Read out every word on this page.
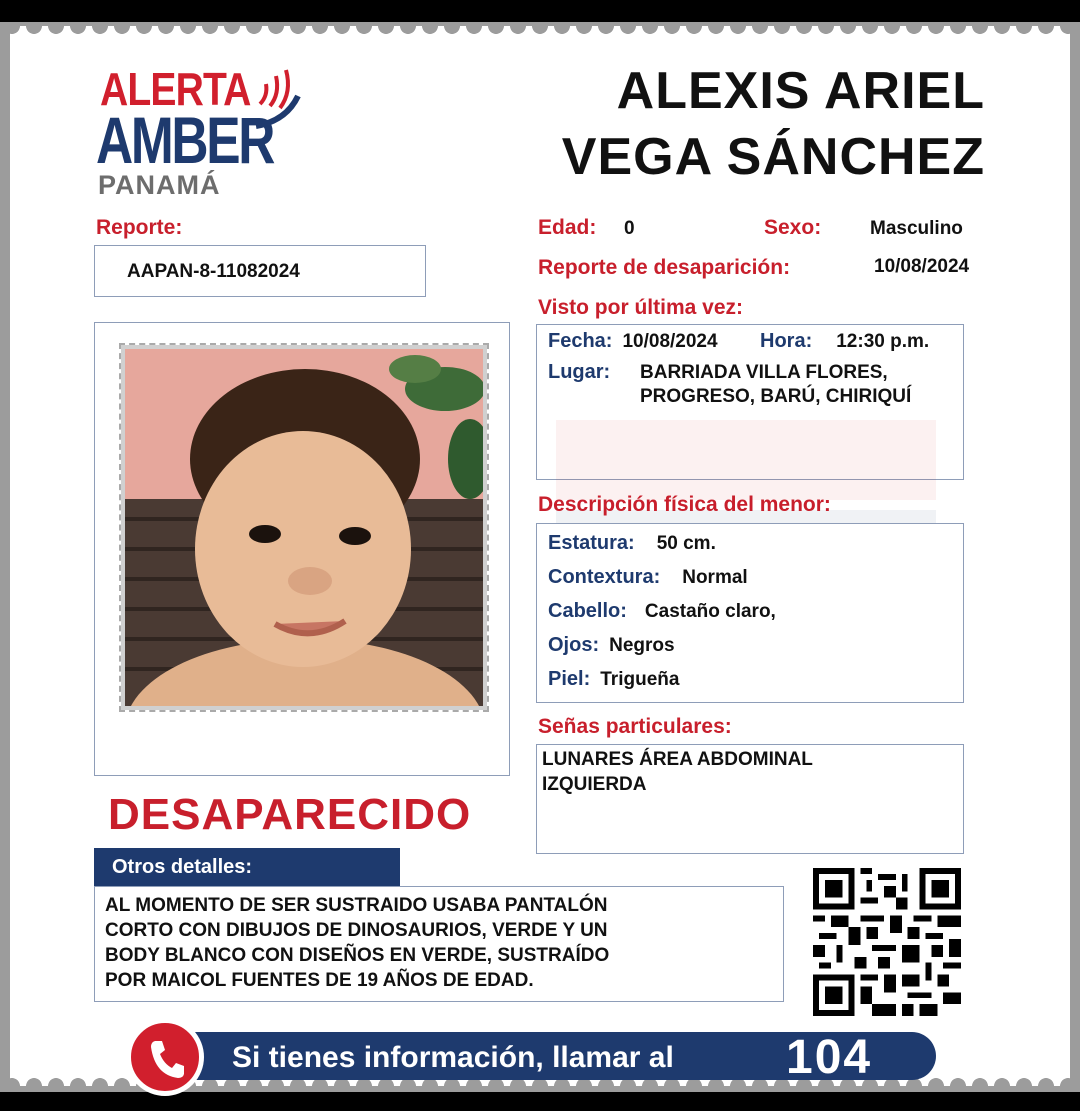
ALERTA
AMBER
PANAMÁ
ALEXIS ARIEL
VEGA SÁNCHEZ
Reporte:
AAPAN-8-11082024
Edad: 0	Sexo:	Masculino
Reporte de desaparición:	10/08/2024
Visto por última vez:
Fecha: 10/08/2024 Hora: 12:30 p.m.
Lugar:	BARRIADA VILLA FLORES,
PROGRESO, BARÚ, CHIRIQUÍ
Descripción física del menor:
Estatura: 50 cm.
Contextura: Normal
Cabello: Castaño claro,
Ojos: Negros
Piel: Trigueña
Señas particulares:
LUNARES ÁREA ABDOMINAL
IZQUIERDA
DESAPARECIDO
Otros detalles:
AL MOMENTO DE SER SUSTRAIDO USABA PANTALÓN
CORTO CON DIBUJOS DE DINOSAURIOS, VERDE Y UN
BODY BLANCO CON DISEÑOS EN VERDE, SUSTRAÍDO
POR MAICOL FUENTES DE 19 AÑOS DE EDAD.
Si tienes información, llamar al 104
